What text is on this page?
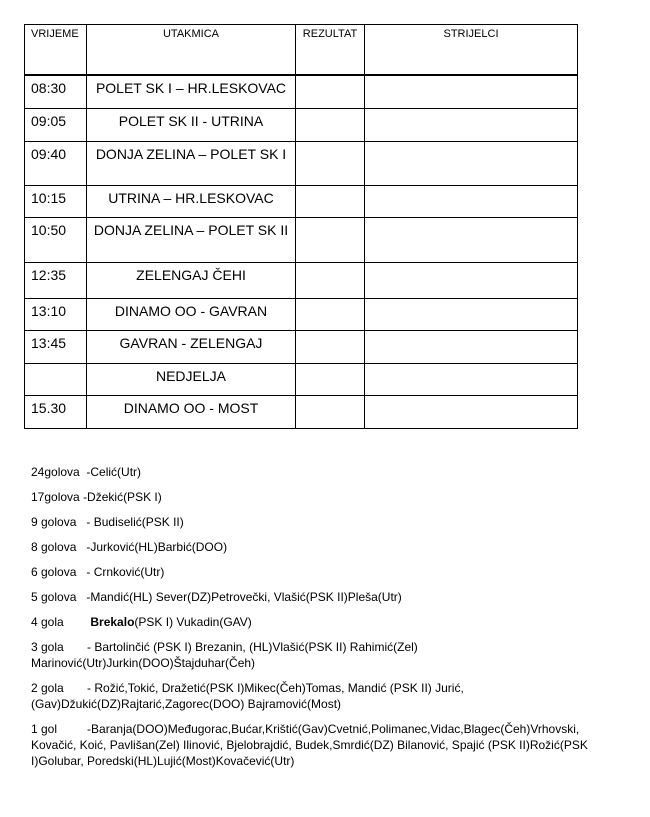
VRIJEME	UTAKMICA	REZULTAT	STRIJELCI

08:30	POLET SK I – HR.LESKOVAC		
09:05	POLET SK II - UTRINA		
09:40	DONJA ZELINA – POLET SK I		
10:15	UTRINA – HR.LESKOVAC		
10:50	DONJA ZELINA – POLET SK II		
12:35	ZELENGAJ ČEHI		
13:10	DINAMO OO - GAVRAN		
13:45	GAVRAN - ZELENGAJ		
	NEDJELJA		
15.30	DINAMO OO - MOST		

24golova -Celić(Utr)

17golova -Džekić(PSK I)

9 golova - Budiselić(PSK II)

8 golova -Jurković(HL)Barbić(DOO)

6 golova - Crnković(Utr)

5 golova -Mandić(HL) Sever(DZ)Petrovečki, Vlašić(PSK II)Pleša(Utr)

4 gola Brekalo(PSK I) Vukadin(GAV)

3 gola - Bartolinčić (PSK I) Brezanin, (HL)Vlašić(PSK II) Rahimić(Zel) Marinović(Utr)Jurkin(DOO)Štajduhar(Čeh)

2 gola - Rožić,Tokić, Dražetić(PSK I)Mikec(Čeh)Tomas, Mandić (PSK II) Jurić, (Gav)Džukić(DZ)Rajtarić,Zagorec(DOO) Bajramović(Most)

1 gol	-Baranja(DOO)Međugorac,Bućar,Krištić(Gav)Cvetnić,Polimanec,Vidac,Blagec(Čeh)Vrhovski, Kovačić, Koić, Pavlišan(Zel) Ilinović, Bjelobrajdić, Budek,Smrdić(DZ) Bilanović, Spajić (PSK II)Rožić(PSK I)Golubar, Poredski(HL)Lujić(Most)Kovačević(Utr)
